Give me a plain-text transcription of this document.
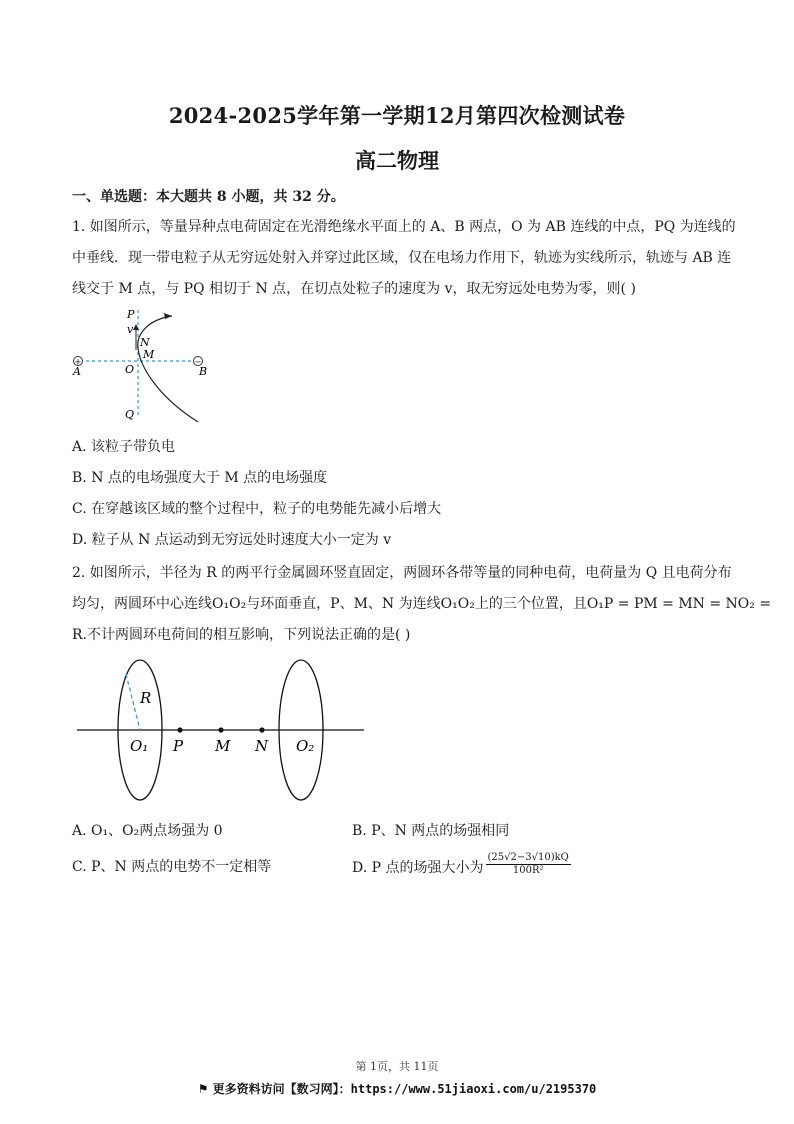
2024-2025学年第一学期12月第四次检测试卷
高二物理
一、单选题：本大题共 8 小题，共 32 分。
1. 如图所示，等量异种点电荷固定在光滑绝缘水平面上的 A、B 两点，O 为 AB 连线的中点，PQ 为连线的
中垂线．现一带电粒子从无穷远处射入并穿过此区域，仅在电场力作用下，轨迹为实线所示，轨迹与 AB 连
线交于 M 点，与 PQ 相切于 N 点，在切点处粒子的速度为 v，取无穷远处电势为零，则( )
+	−
P
v
N
M
O
A	B
Q
A. 该粒子带负电
B. N 点的电场强度大于 M 点的电场强度
C. 在穿越该区域的整个过程中，粒子的电势能先减小后增大
D. 粒子从 N 点运动到无穷远处时速度大小一定为 v
2. 如图所示，半径为 R 的两平行金属圆环竖直固定，两圆环各带等量的同种电荷，电荷量为 Q 且电荷分布
均匀，两圆环中心连线O₁O₂与环面垂直，P、M、N 为连线O₁O₂上的三个位置，且O₁P = PM = MN = NO₂ =
R.不计两圆环电荷间的相互影响，下列说法正确的是( )
R
O₁ P M N O₂
A. O₁、O₂两点场强为 0	B. P、N 两点的场强相同
C. P、N 两点的电势不一定相等	D. P 点的场强大小为 $\frac{(25√2-3√10)kQ}{\text{100R²}}$
第 1页，共 11页
⚑ 更多资料访问【数习网】：https://www.51jiaoxi.com/u/2195370
